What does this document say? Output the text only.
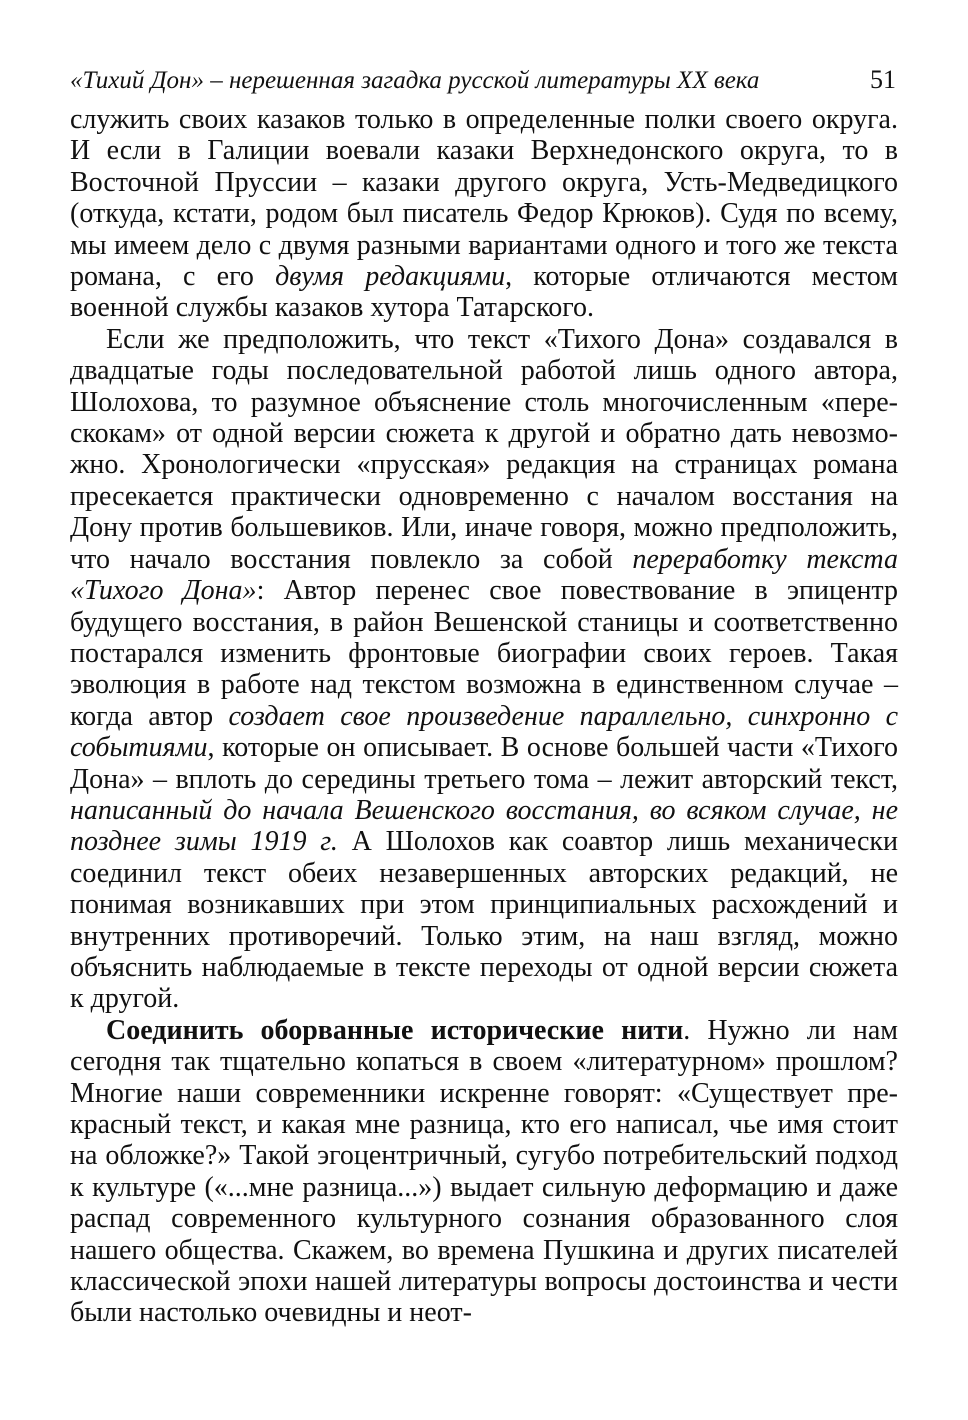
«Тихий Дон» – нерешенная загадка русской литературы XX века	51

служить своих казаков только в определенные полки своего округа. И если в Галиции воевали казаки Верхнедонского округа, то в Восточной Пруссии – казаки другого округа, Усть-Медведицкого (откуда, кстати, родом был писатель Федор Крюков). Судя по всему, мы имеем дело с двумя разными вариантами одного и того же текста романа, с его двумя редакциями, которые отличаются местом военной службы казаков хутора Татарского.

Если же предположить, что текст «Тихого Дона» создавался в двадцатые годы последовательной работой лишь одного автора, Шолохова, то разумное объяснение столь многочисленным «перескокам» от одной версии сюжета к другой и обратно дать невозможно. Хронологически «прусская» редакция на страницах романа пресекается практически одновременно с началом восстания на Дону против большевиков. Или, иначе говоря, можно предположить, что начало восстания повлекло за собой переработку текста «Тихого Дона»: Автор перенес свое повествование в эпицентр будущего восстания, в район Вешенской станицы и соответственно постарался изменить фронтовые биографии своих героев. Такая эволюция в работе над текстом возможна в единственном случае – когда автор создает свое произведение параллельно, синхронно с событиями, которые он описывает. В основе большей части «Тихого Дона» – вплоть до середины третьего тома – лежит авторский текст, написанный до начала Вешенского восстания, во всяком случае, не позднее зимы 1919 г. А Шолохов как соавтор лишь механически соединил текст обеих незавершенных авторских редакций, не понимая возникавших при этом принципиальных расхождений и внутренних противоречий. Только этим, на наш взгляд, можно объяснить наблюдаемые в тексте переходы от одной версии сюжета к другой.

Соединить оборванные исторические нити. Нужно ли нам сегодня так тщательно копаться в своем «литературном» прошлом? Многие наши современники искренне говорят: «Существует прекрасный текст, и какая мне разница, кто его написал, чье имя стоит на обложке?» Такой эгоцентричный, сугубо потребительский подход к культуре («...мне разница...») выдает сильную деформацию и даже распад современного культурного сознания образованного слоя нашего общества. Скажем, во времена Пушкина и других писателей классической эпохи нашей литературы вопросы достоинства и чести были настолько очевидны и неот-
